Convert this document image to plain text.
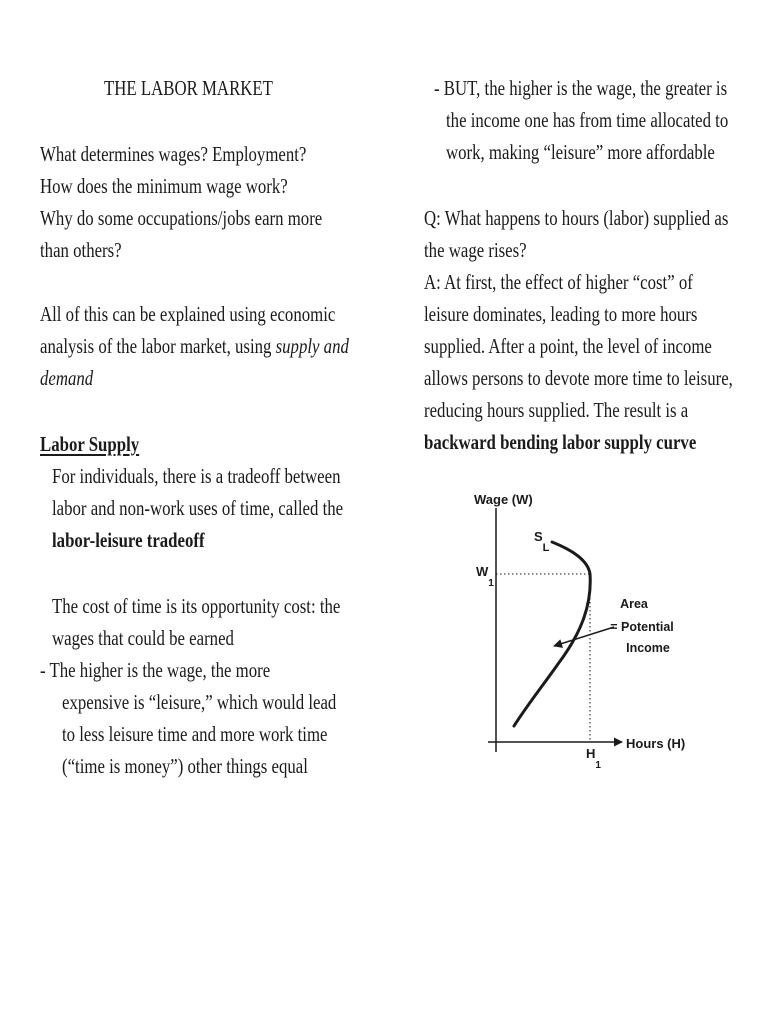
THE LABOR MARKET
What determines wages? Employment?
How does the minimum wage work?
Why do some occupations/jobs earn more
than others?
All of this can be explained using economic
analysis of the labor market, using supply and
demand
Labor Supply
For individuals, there is a tradeoff between
labor and non-work uses of time, called the
labor-leisure tradeoff
The cost of time is its opportunity cost: the
wages that could be earned
- The higher is the wage, the more
expensive is “leisure,” which would lead
to less leisure time and more work time
(“time is money”) other things equal
- BUT, the higher is the wage, the greater is
the income one has from time allocated to
work, making “leisure” more affordable
Q: What happens to hours (labor) supplied as
the wage rises?
A: At first, the effect of higher “cost” of
leisure dominates, leading to more hours
supplied. After a point, the level of income
allows persons to devote more time to leisure,
reducing hours supplied. The result is a
backward bending labor supply curve
Wage (W)
Hours (H)
$W_1$
$H_1$
$S_L$
Area
= Potential
Income
